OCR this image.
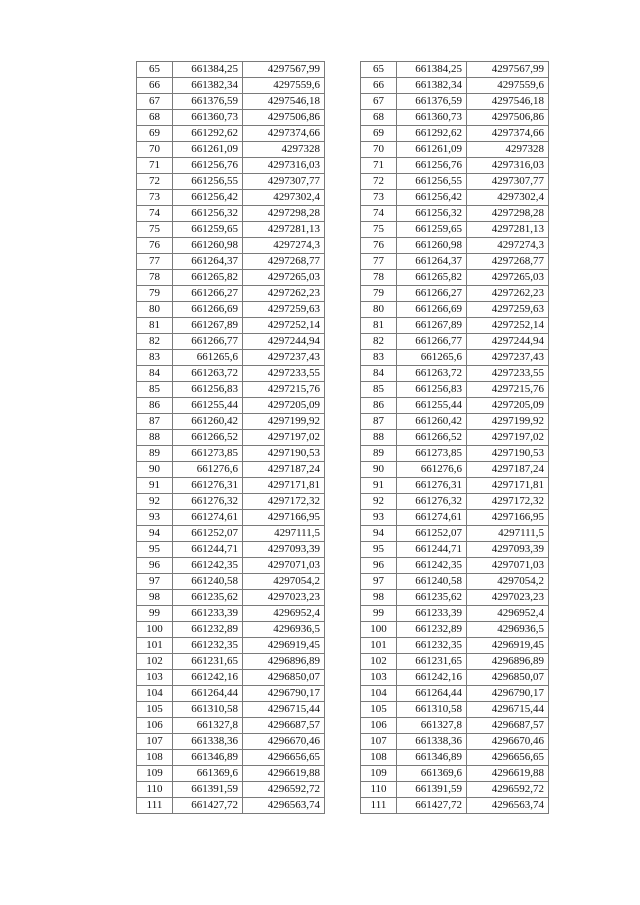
65	661384,25	4297567,99	
66	661382,34	4297559,6	
67	661376,59	4297546,18	
68	661360,73	4297506,86	
69	661292,62	4297374,66	
70	661261,09	4297328	
71	661256,76	4297316,03	
72	661256,55	4297307,77	
73	661256,42	4297302,4	
74	661256,32	4297298,28	
75	661259,65	4297281,13	
76	661260,98	4297274,3	
77	661264,37	4297268,77	
78	661265,82	4297265,03	
79	661266,27	4297262,23	
80	661266,69	4297259,63	
81	661267,89	4297252,14	
82	661266,77	4297244,94	
83	661265,6	4297237,43	
84	661263,72	4297233,55	
85	661256,83	4297215,76	
86	661255,44	4297205,09	
87	661260,42	4297199,92	
88	661266,52	4297197,02	
89	661273,85	4297190,53	
90	661276,6	4297187,24	
91	661276,31	4297171,81	
92	661276,32	4297172,32	
93	661274,61	4297166,95	
94	661252,07	4297111,5	
95	661244,71	4297093,39	
96	661242,35	4297071,03	
97	661240,58	4297054,2	
98	661235,62	4297023,23	
99	661233,39	4296952,4	
100	661232,89	4296936,5	
101	661232,35	4296919,45	
102	661231,65	4296896,89	
103	661242,16	4296850,07	
104	661264,44	4296790,17	
105	661310,58	4296715,44	
106	661327,8	4296687,57	
107	661338,36	4296670,46	
108	661346,89	4296656,65	
109	661369,6	4296619,88	
110	661391,59	4296592,72	
111	661427,72	4296563,74	
65	661384,25	4297567,99
66	661382,34	4297559,6
67	661376,59	4297546,18
68	661360,73	4297506,86
69	661292,62	4297374,66
70	661261,09	4297328
71	661256,76	4297316,03
72	661256,55	4297307,77
73	661256,42	4297302,4
74	661256,32	4297298,28
75	661259,65	4297281,13
76	661260,98	4297274,3
77	661264,37	4297268,77
78	661265,82	4297265,03
79	661266,27	4297262,23
80	661266,69	4297259,63
81	661267,89	4297252,14
82	661266,77	4297244,94
83	661265,6	4297237,43
84	661263,72	4297233,55
85	661256,83	4297215,76
86	661255,44	4297205,09
87	661260,42	4297199,92
88	661266,52	4297197,02
89	661273,85	4297190,53
90	661276,6	4297187,24
91	661276,31	4297171,81
92	661276,32	4297172,32
93	661274,61	4297166,95
94	661252,07	4297111,5
95	661244,71	4297093,39
96	661242,35	4297071,03
97	661240,58	4297054,2
98	661235,62	4297023,23
99	661233,39	4296952,4
100	661232,89	4296936,5
101	661232,35	4296919,45
102	661231,65	4296896,89
103	661242,16	4296850,07
104	661264,44	4296790,17
105	661310,58	4296715,44
106	661327,8	4296687,57
107	661338,36	4296670,46
108	661346,89	4296656,65
109	661369,6	4296619,88
110	661391,59	4296592,72
111	661427,72	4296563,74
